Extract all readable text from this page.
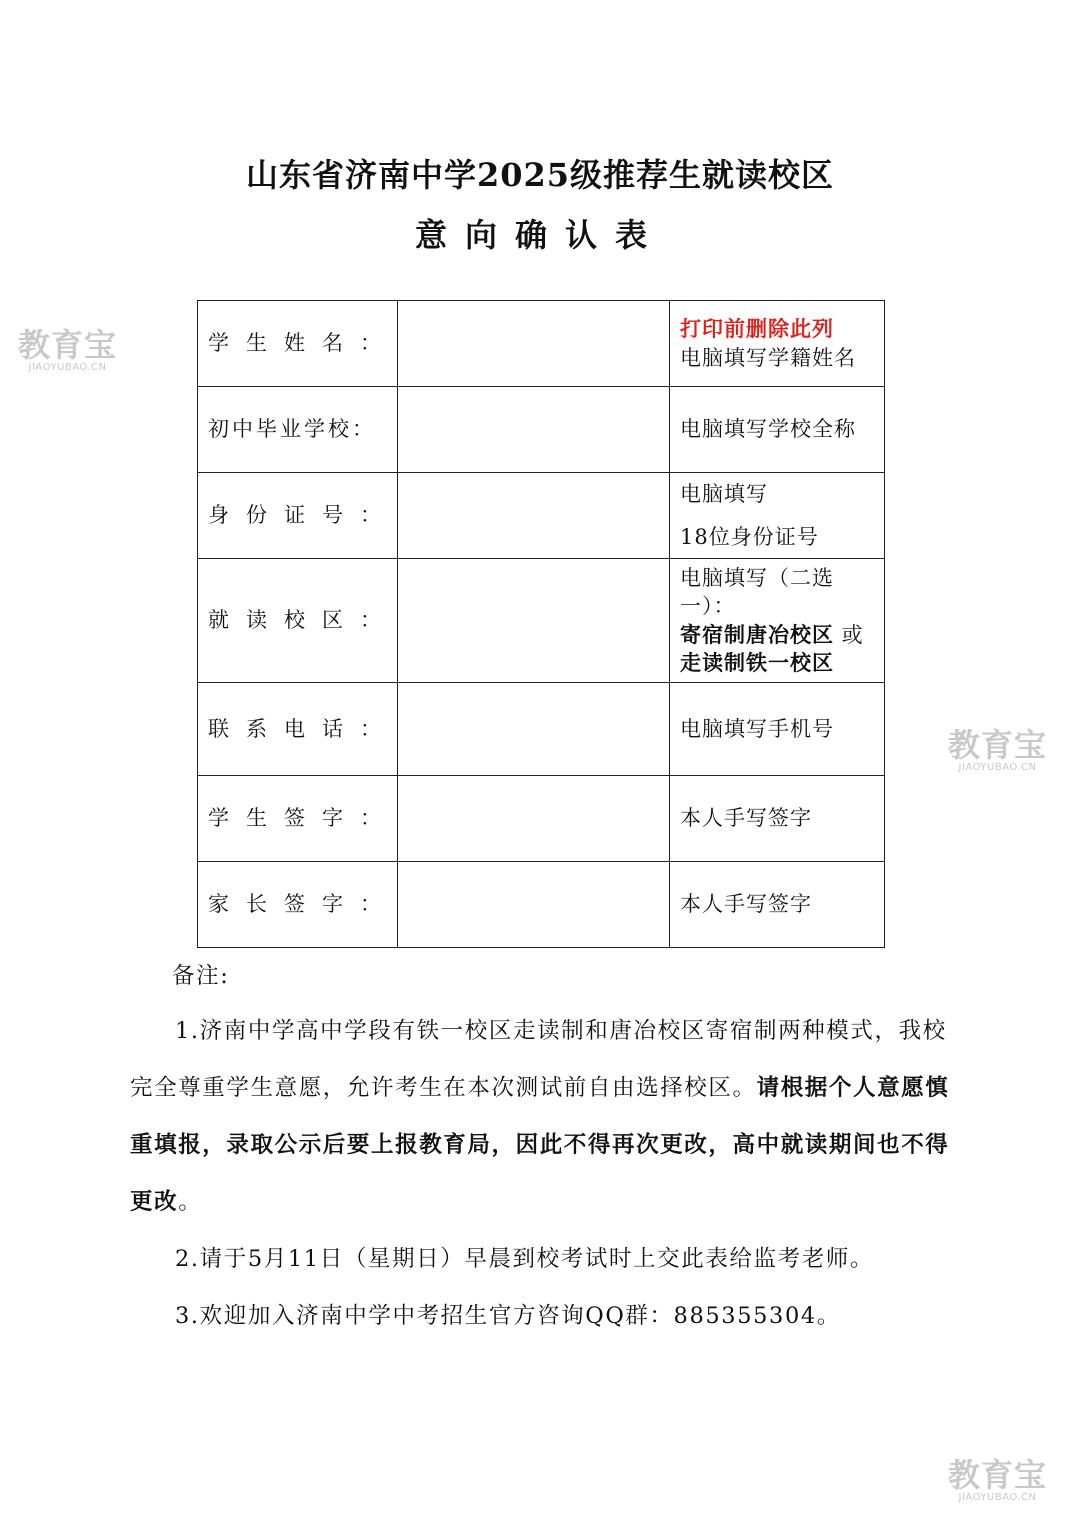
山东省济南中学2025级推荐生就读校区
意向确认表
学生姓名：		打印前删除此列
电脑填写学籍姓名

初中毕业学校：		电脑填写学校全称
身份证号：		电脑填写
18位身份证号

就读校区：		电脑填写（二选一）：
寄宿制唐冶校区 或
走读制铁一校区

联系电话：		电脑填写手机号
学生签字：		本人手写签字
家长签字：		本人手写签字
备注:

1.济南中学高中学段有铁一校区走读制和唐冶校区寄宿制两种模式，我校完全尊重学生意愿，允许考生在本次测试前自由选择校区。请根据个人意愿慎重填报，录取公示后要上报教育局，因此不得再次更改，高中就读期间也不得更改。

2.请于5月11日（星期日）早晨到校考试时上交此表给监考老师。

3.欢迎加入济南中学中考招生官方咨询QQ群：885355304。

教育宝
JIAOYUBAO.CN
教育宝
JIAOYUBAO.CN
教育宝
JIAOYUBAO.CN
